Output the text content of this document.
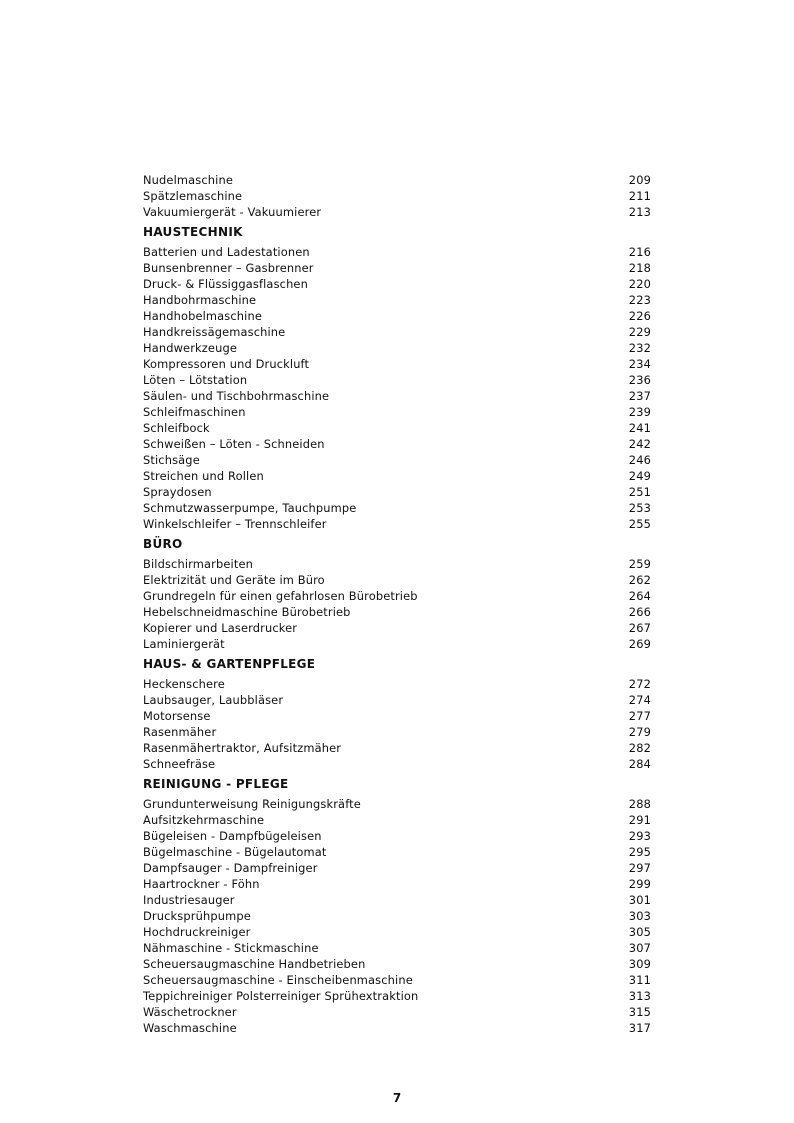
Nudelmaschine	209
Spätzlemaschine	211
Vakuumiergerät - Vakuumierer	213
HAUSTECHNIK
Batterien und Ladestationen	216
Bunsenbrenner – Gasbrenner	218
Druck- & Flüssiggasflaschen	220
Handbohrmaschine	223
Handhobelmaschine	226
Handkreissägemaschine	229
Handwerkzeuge	232
Kompressoren und Druckluft	234
Löten – Lötstation	236
Säulen- und Tischbohrmaschine	237
Schleifmaschinen	239
Schleifbock	241
Schweißen – Löten - Schneiden	242
Stichsäge	246
Streichen und Rollen	249
Spraydosen	251
Schmutzwasserpumpe, Tauchpumpe	253
Winkelschleifer – Trennschleifer	255
BÜRO
Bildschirmarbeiten	259
Elektrizität und Geräte im Büro	262
Grundregeln für einen gefahrlosen Bürobetrieb	264
Hebelschneidmaschine Bürobetrieb	266
Kopierer und Laserdrucker	267
Laminiergerät	269
HAUS- & GARTENPFLEGE
Heckenschere	272
Laubsauger, Laubbläser	274
Motorsense	277
Rasenmäher	279
Rasenmähertraktor, Aufsitzmäher	282
Schneefräse	284
REINIGUNG - PFLEGE
Grundunterweisung Reinigungskräfte	288
Aufsitzkehrmaschine	291
Bügeleisen - Dampfbügeleisen	293
Bügelmaschine - Bügelautomat	295
Dampfsauger - Dampfreiniger	297
Haartrockner - Föhn	299
Industriesauger	301
Drucksprühpumpe	303
Hochdruckreiniger	305
Nähmaschine - Stickmaschine	307
Scheuersaugmaschine Handbetrieben	309
Scheuersaugmaschine - Einscheibenmaschine	311
Teppichreiniger Polsterreiniger Sprühextraktion	313
Wäschetrockner	315
Waschmaschine	317
7
